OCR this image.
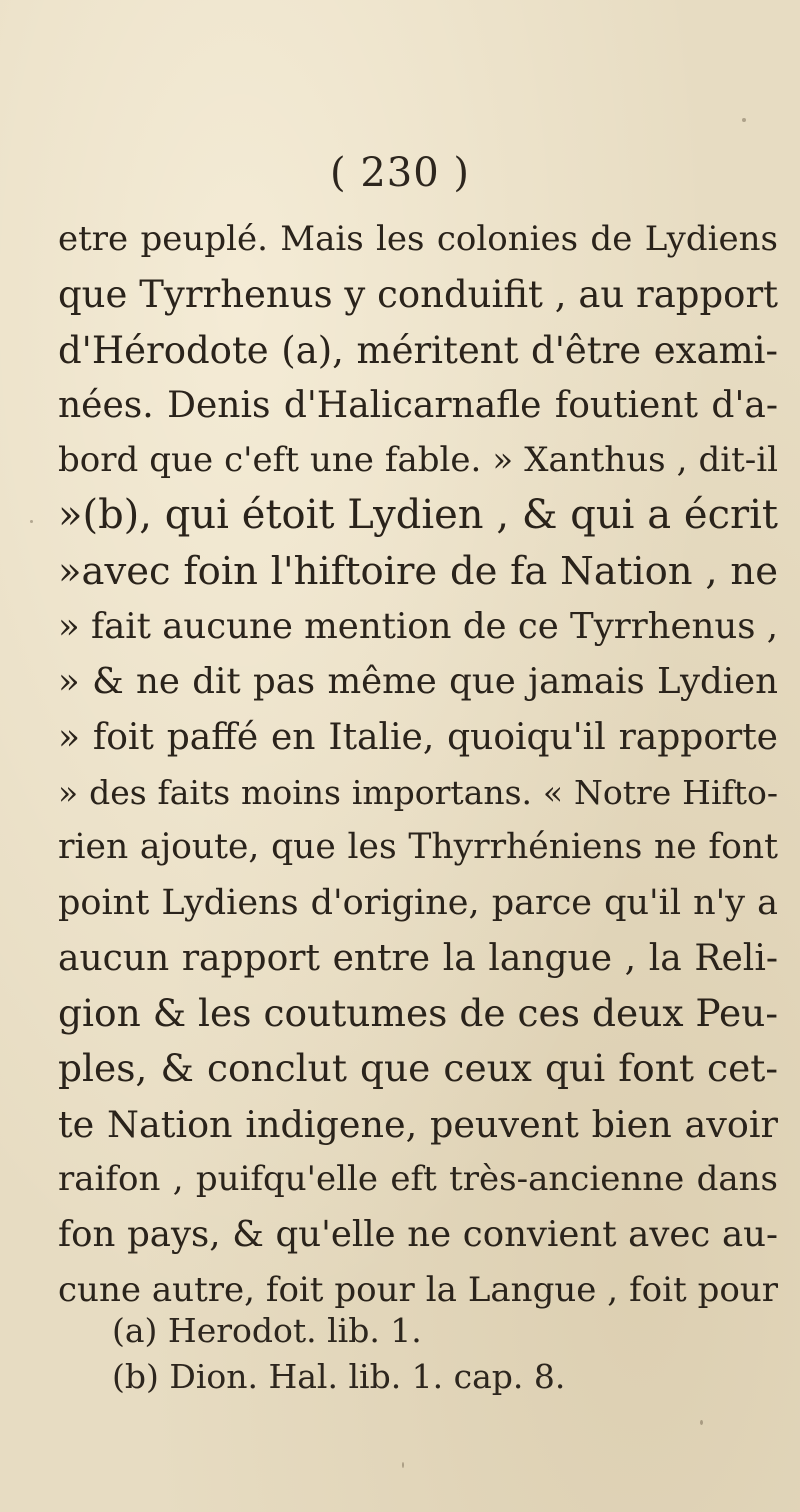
( 230 )
etre peuplé. Mais les colonies de Lydiens
que Tyrrhenus y conduifit , au rapport
d'Hérodote (a), méritent d'être exami-
nées. Denis d'Halicarnafle foutient d'a-
bord que c'eft une fable. » Xanthus , dit-il
»(b), qui étoit Lydien , & qui a écrit
»avec foin l'hiftoire de fa Nation , ne
» fait aucune mention de ce Tyrrhenus ,
» & ne dit pas même que jamais Lydien
» foit paffé en Italie, quoiqu'il rapporte
» des faits moins importans. « Notre Hifto-
rien ajoute, que les Thyrrhéniens ne font
point Lydiens d'origine, parce qu'il n'y a
aucun rapport entre la langue , la Reli-
gion & les coutumes de ces deux Peu-
ples, & conclut que ceux qui font cet-
te Nation indigene, peuvent bien avoir
raifon , puifqu'elle eft très-ancienne dans
fon pays, & qu'elle ne convient avec au-
cune autre, foit pour la Langue , foit pour
(a) Herodot. lib. 1.
(b) Dion. Hal. lib. 1. cap. 8.
